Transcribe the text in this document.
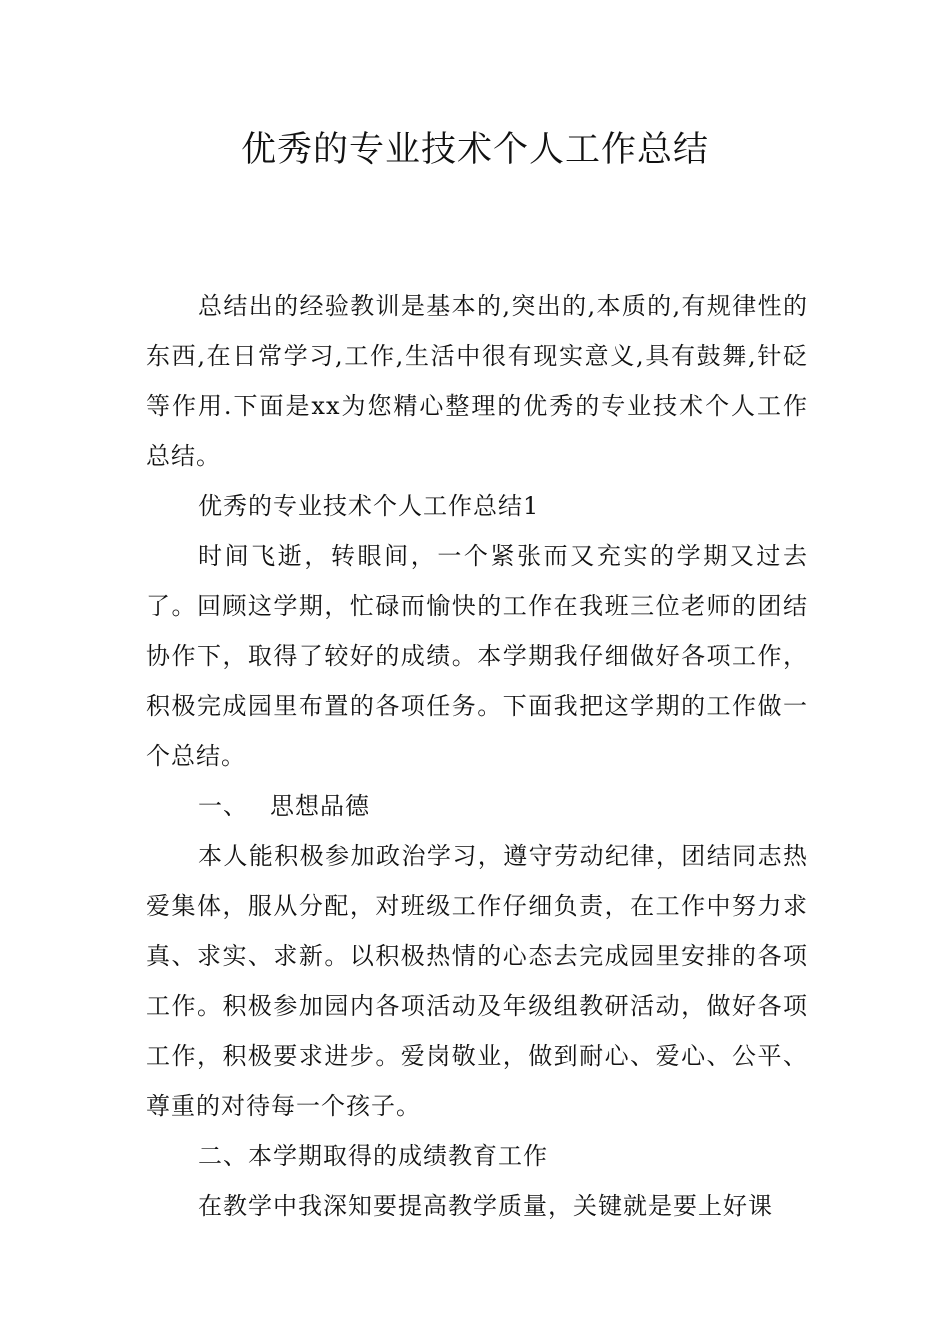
优秀的专业技术个人工作总结

总结出的经验教训是基本的,突出的,本质的,有规律性的东西,在日常学习,工作,生活中很有现实意义,具有鼓舞,针砭等作用.下面是xx为您精心整理的优秀的专业技术个人工作总结。

优秀的专业技术个人工作总结1

时间飞逝，转眼间，一个紧张而又充实的学期又过去了。回顾这学期，忙碌而愉快的工作在我班三位老师的团结协作下，取得了较好的成绩。本学期我仔细做好各项工作，积极完成园里布置的各项任务。下面我把这学期的工作做一个总结。

一、 思想品德

本人能积极参加政治学习，遵守劳动纪律，团结同志热爱集体，服从分配，对班级工作仔细负责，在工作中努力求真、求实、求新。以积极热情的心态去完成园里安排的各项工作。积极参加园内各项活动及年级组教研活动，做好各项工作，积极要求进步。爱岗敬业，做到耐心、爱心、公平、尊重的对待每一个孩子。

二、本学期取得的成绩教育工作

在教学中我深知要提高教学质量，关键就是要上好课
